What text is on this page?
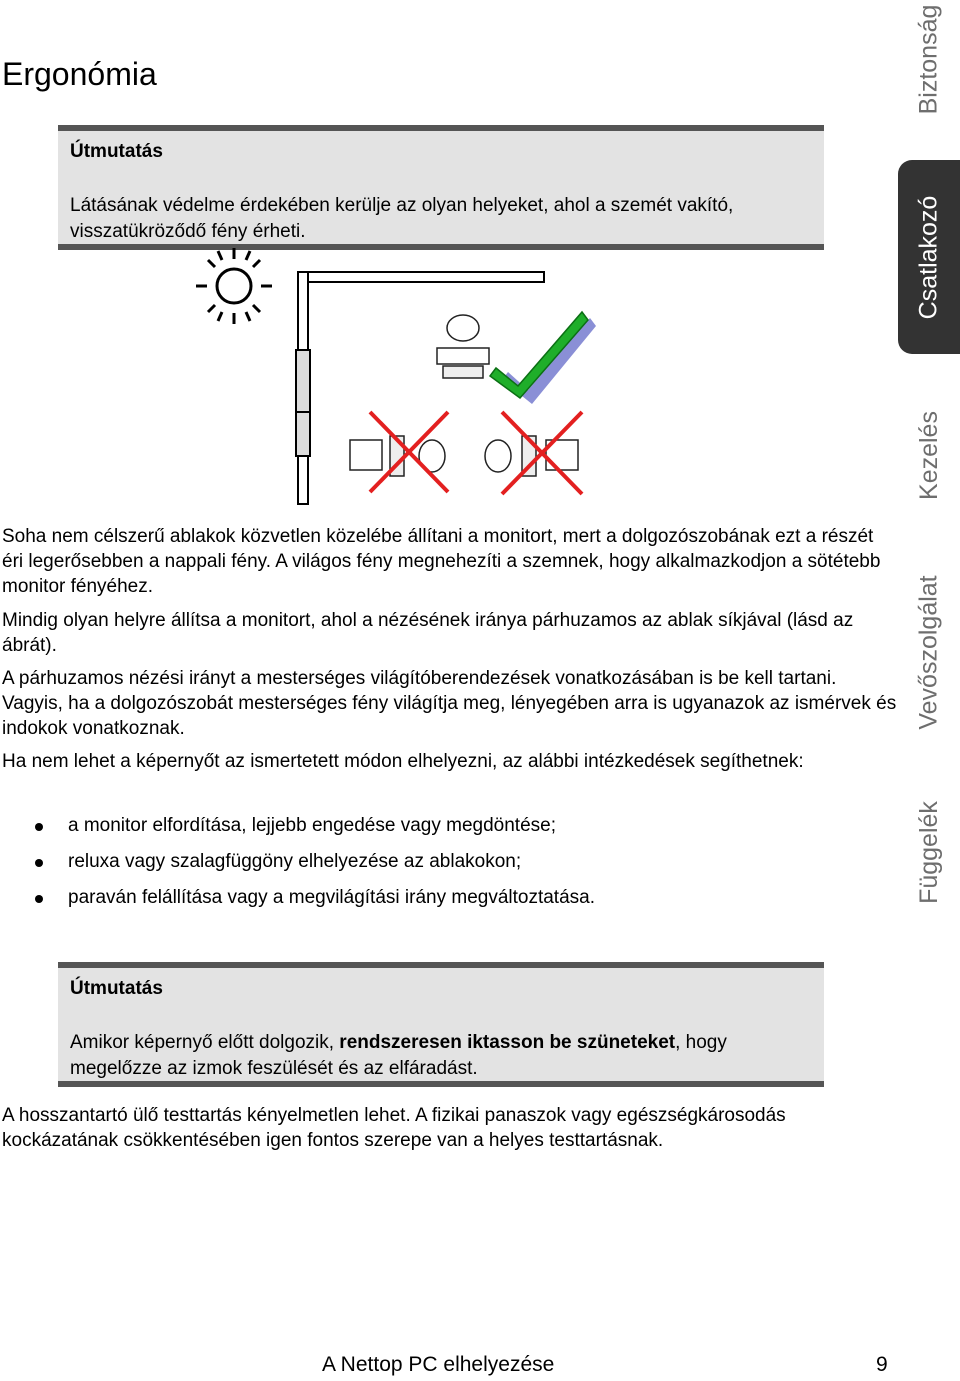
Ergonómia
Útmutatás
Látásának védelme érdekében kerülje az olyan helyeket, ahol a szemét vakító, visszatükröződő fény érheti.

Soha nem célszerű ablakok közvetlen közelébe állítani a monitort, mert a dolgozószobának ezt a részét éri legerősebben a nappali fény. A világos fény megnehezíti a szemnek, hogy alkalmazkodjon a sötétebb monitor fényéhez.

Mindig olyan helyre állítsa a monitort, ahol a nézésének iránya párhuzamos az ablak síkjával (lásd az ábrát).

A párhuzamos nézési irányt a mesterséges világítóberendezések vonatkozásában is be kell tartani. Vagyis, ha a dolgozószobát mesterséges fény világítja meg, lényegében arra is ugyanazok az ismérvek és indokok vonatkoznak.

Ha nem lehet a képernyőt az ismertetett módon elhelyezni, az alábbi intézkedések segíthetnek:

a monitor elfordítása, lejjebb engedése vagy megdöntése;
reluxa vagy szalagfüggöny elhelyezése az ablakokon;
paraván felállítása vagy a megvilágítási irány megváltoztatása.
Útmutatás
Amikor képernyő előtt dolgozik, rendszeresen iktasson be szüneteket, hogy megelőzze az izmok feszülését és az elfáradást.

A hosszantartó ülő testtartás kényelmetlen lehet. A fizikai panaszok vagy egészségkárosodás kockázatának csökkentésében igen fontos szerepe van a helyes testtartásnak.

Biztonság
Csatlakozó
Kezelés
Vevőszolgálat
Függelék
A Nettop PC elhelyezése	9
